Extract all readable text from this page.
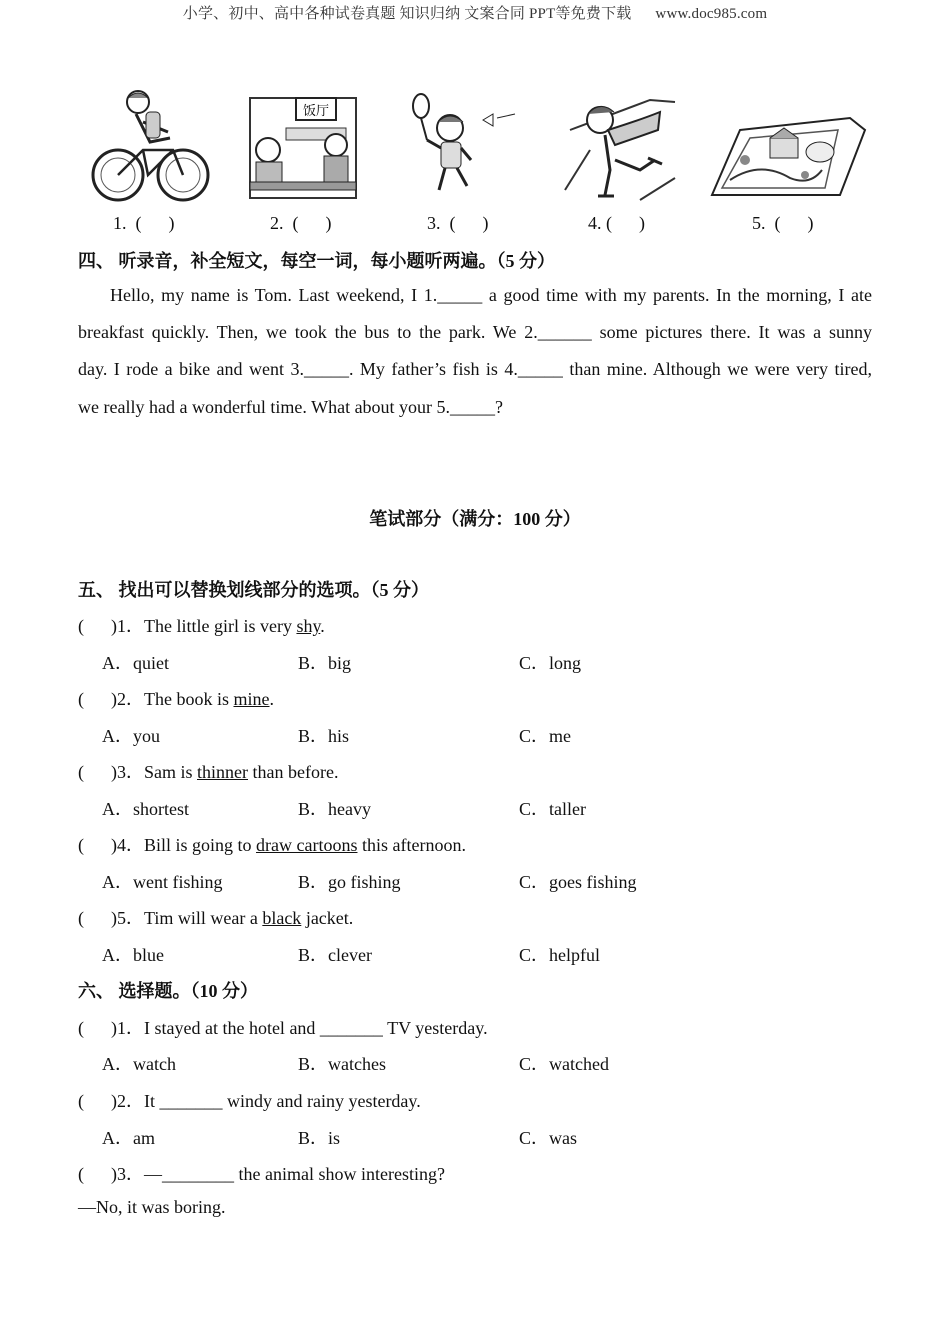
小学、初中、高中各种试卷真题 知识归纳 文案合同 PPT等免费下载 www.doc985.com
饭厅
1.  (      )	2.  (      )	3.  (      )	4. (      )	5.  (      )
四、 听录音，补全短文，每空一词，每小题听两遍。（5 分）
Hello, my name is Tom. Last weekend, I 1._____ a good time with my parents. In the morning, I ate
breakfast quickly. Then, we took the bus to the park. We 2.______ some pictures there. It was a sunny
day. I rode a bike and went 3._____. My father’s fish is 4._____ than mine. Although we were very tired,
we really had a wonderful time. What about your 5._____?
笔试部分（满分：100 分）
五、 找出可以替换划线部分的选项。（5 分）
(      )1．The little girl is very shy.
A．quiet	B．big	C．long
(      )2．The book is mine.
A．you	B．his	C．me
(      )3．Sam is thinner than before.
A．shortest	B．heavy	C．taller
(      )4．Bill is going to draw cartoons this afternoon.
A．went fishing	B．go fishing	C．goes fishing
(      )5．Tim will wear a black jacket.
A．blue	B．clever	C．helpful
六、 选择题。（10 分）
(      )1．I stayed at the hotel and _______ TV yesterday.
A．watch	B．watches	C．watched
(      )2．It _______ windy and rainy yesterday.
A．am	B．is	C．was
(      )3．—________ the animal show interesting?
—No, it was boring.
